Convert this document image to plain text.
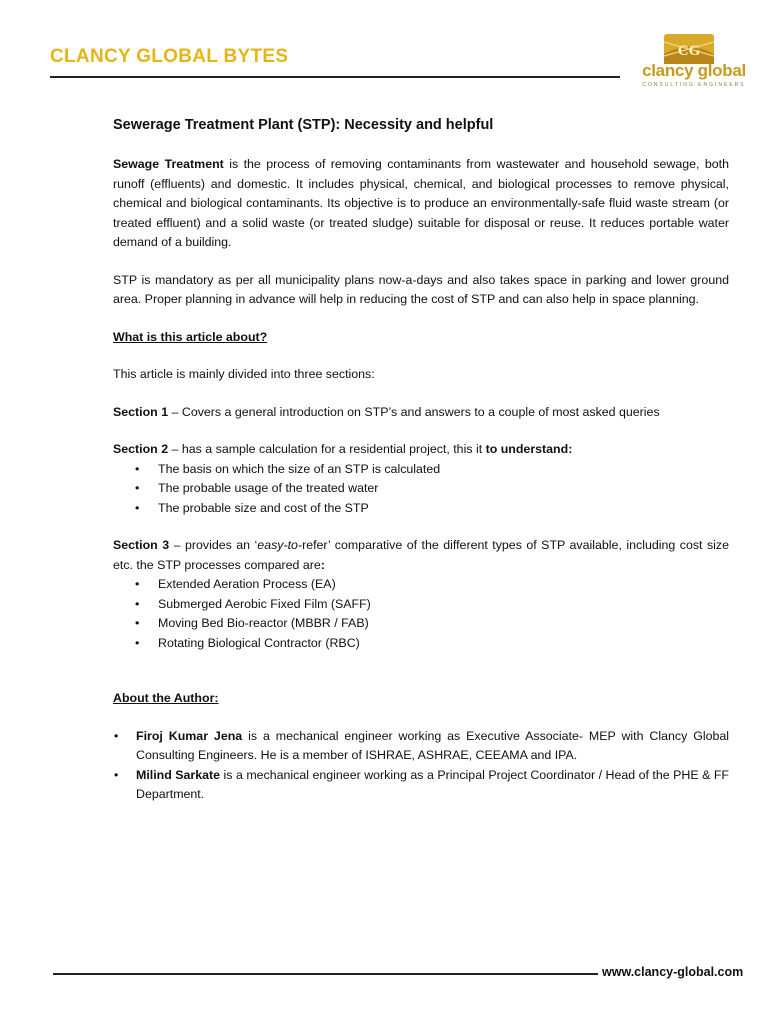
CLANCY GLOBAL BYTES	CG
clancy global
CONSULTING ENGINEERS
Sewerage Treatment Plant (STP): Necessity and helpful

Sewage Treatment is the process of removing contaminants from wastewater and household sewage, both runoff (effluents) and domestic. It includes physical, chemical, and biological processes to remove physical, chemical and biological contaminants. Its objective is to produce an environmentally-safe fluid waste stream (or treated effluent) and a solid waste (or treated sludge) suitable for disposal or reuse. It reduces portable water demand of a building.

STP is mandatory as per all municipality plans now-a-days and also takes space in parking and lower ground area. Proper planning in advance will help in reducing the cost of STP and can also help in space planning.

What is this article about?
This article is mainly divided into three sections:
Section 1 – Covers a general introduction on STP’s and answers to a couple of most asked queries
Section 2 – has a sample calculation for a residential project, this it to understand:
• The basis on which the size of an STP is calculated
• The probable usage of the treated water
• The probable size and cost of the STP
Section 3 – provides an ‘easy-to-refer’ comparative of the different types of STP available, including cost size etc. the STP processes compared are:
• Extended Aeration Process (EA)
• Submerged Aerobic Fixed Film (SAFF)
• Moving Bed Bio-reactor (MBBR / FAB)
• Rotating Biological Contractor (RBC)
About the Author:
• Firoj Kumar Jena is a mechanical engineer working as Executive Associate- MEP with Clancy Global Consulting Engineers. He is a member of ISHRAE, ASHRAE, CEEAMA and IPA.
• Milind Sarkate is a mechanical engineer working as a Principal Project Coordinator / Head of the PHE & FF Department.
www.clancy-global.com
